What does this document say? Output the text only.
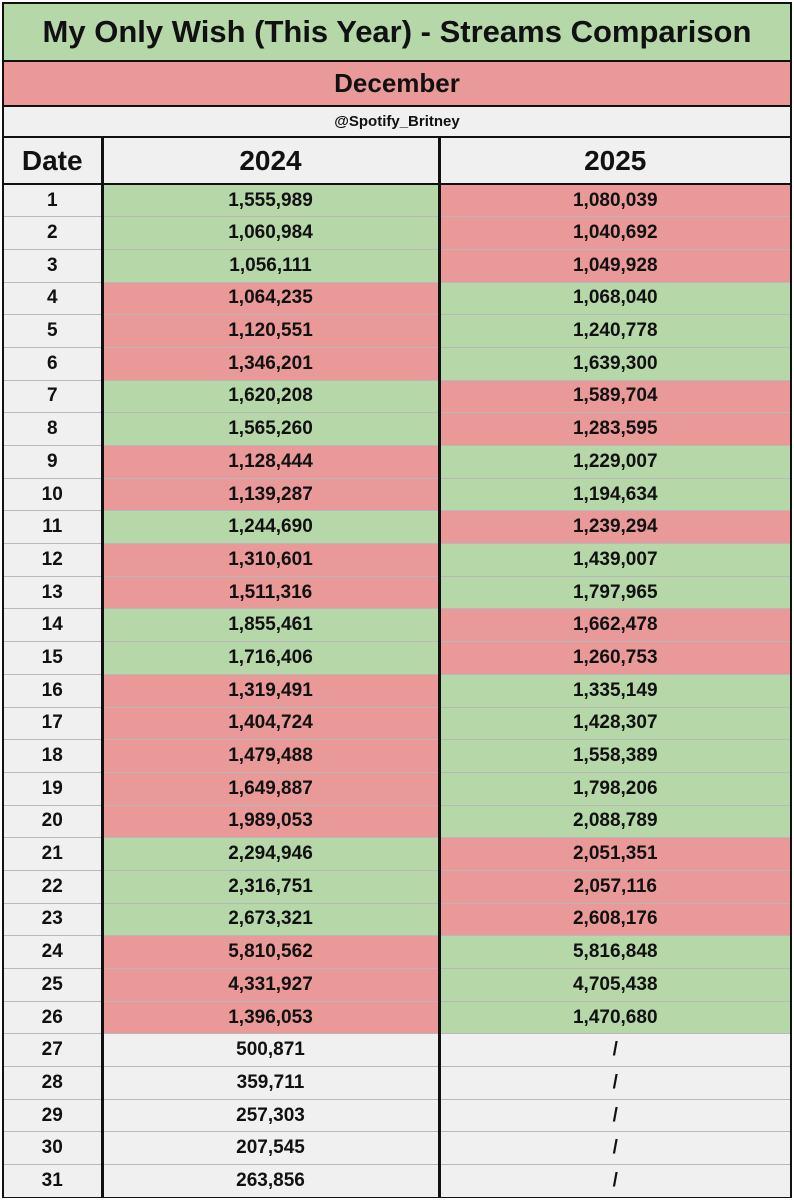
My Only Wish (This Year) - Streams Comparison
December
@Spotify_Britney
Date	2024	2025
1	1,555,989	1,080,039
2	1,060,984	1,040,692
3	1,056,111	1,049,928
4	1,064,235	1,068,040
5	1,120,551	1,240,778
6	1,346,201	1,639,300
7	1,620,208	1,589,704
8	1,565,260	1,283,595
9	1,128,444	1,229,007
10	1,139,287	1,194,634
11	1,244,690	1,239,294
12	1,310,601	1,439,007
13	1,511,316	1,797,965
14	1,855,461	1,662,478
15	1,716,406	1,260,753
16	1,319,491	1,335,149
17	1,404,724	1,428,307
18	1,479,488	1,558,389
19	1,649,887	1,798,206
20	1,989,053	2,088,789
21	2,294,946	2,051,351
22	2,316,751	2,057,116
23	2,673,321	2,608,176
24	5,810,562	5,816,848
25	4,331,927	4,705,438
26	1,396,053	1,470,680
27	500,871	/
28	359,711	/
29	257,303	/
30	207,545	/
31	263,856	/
